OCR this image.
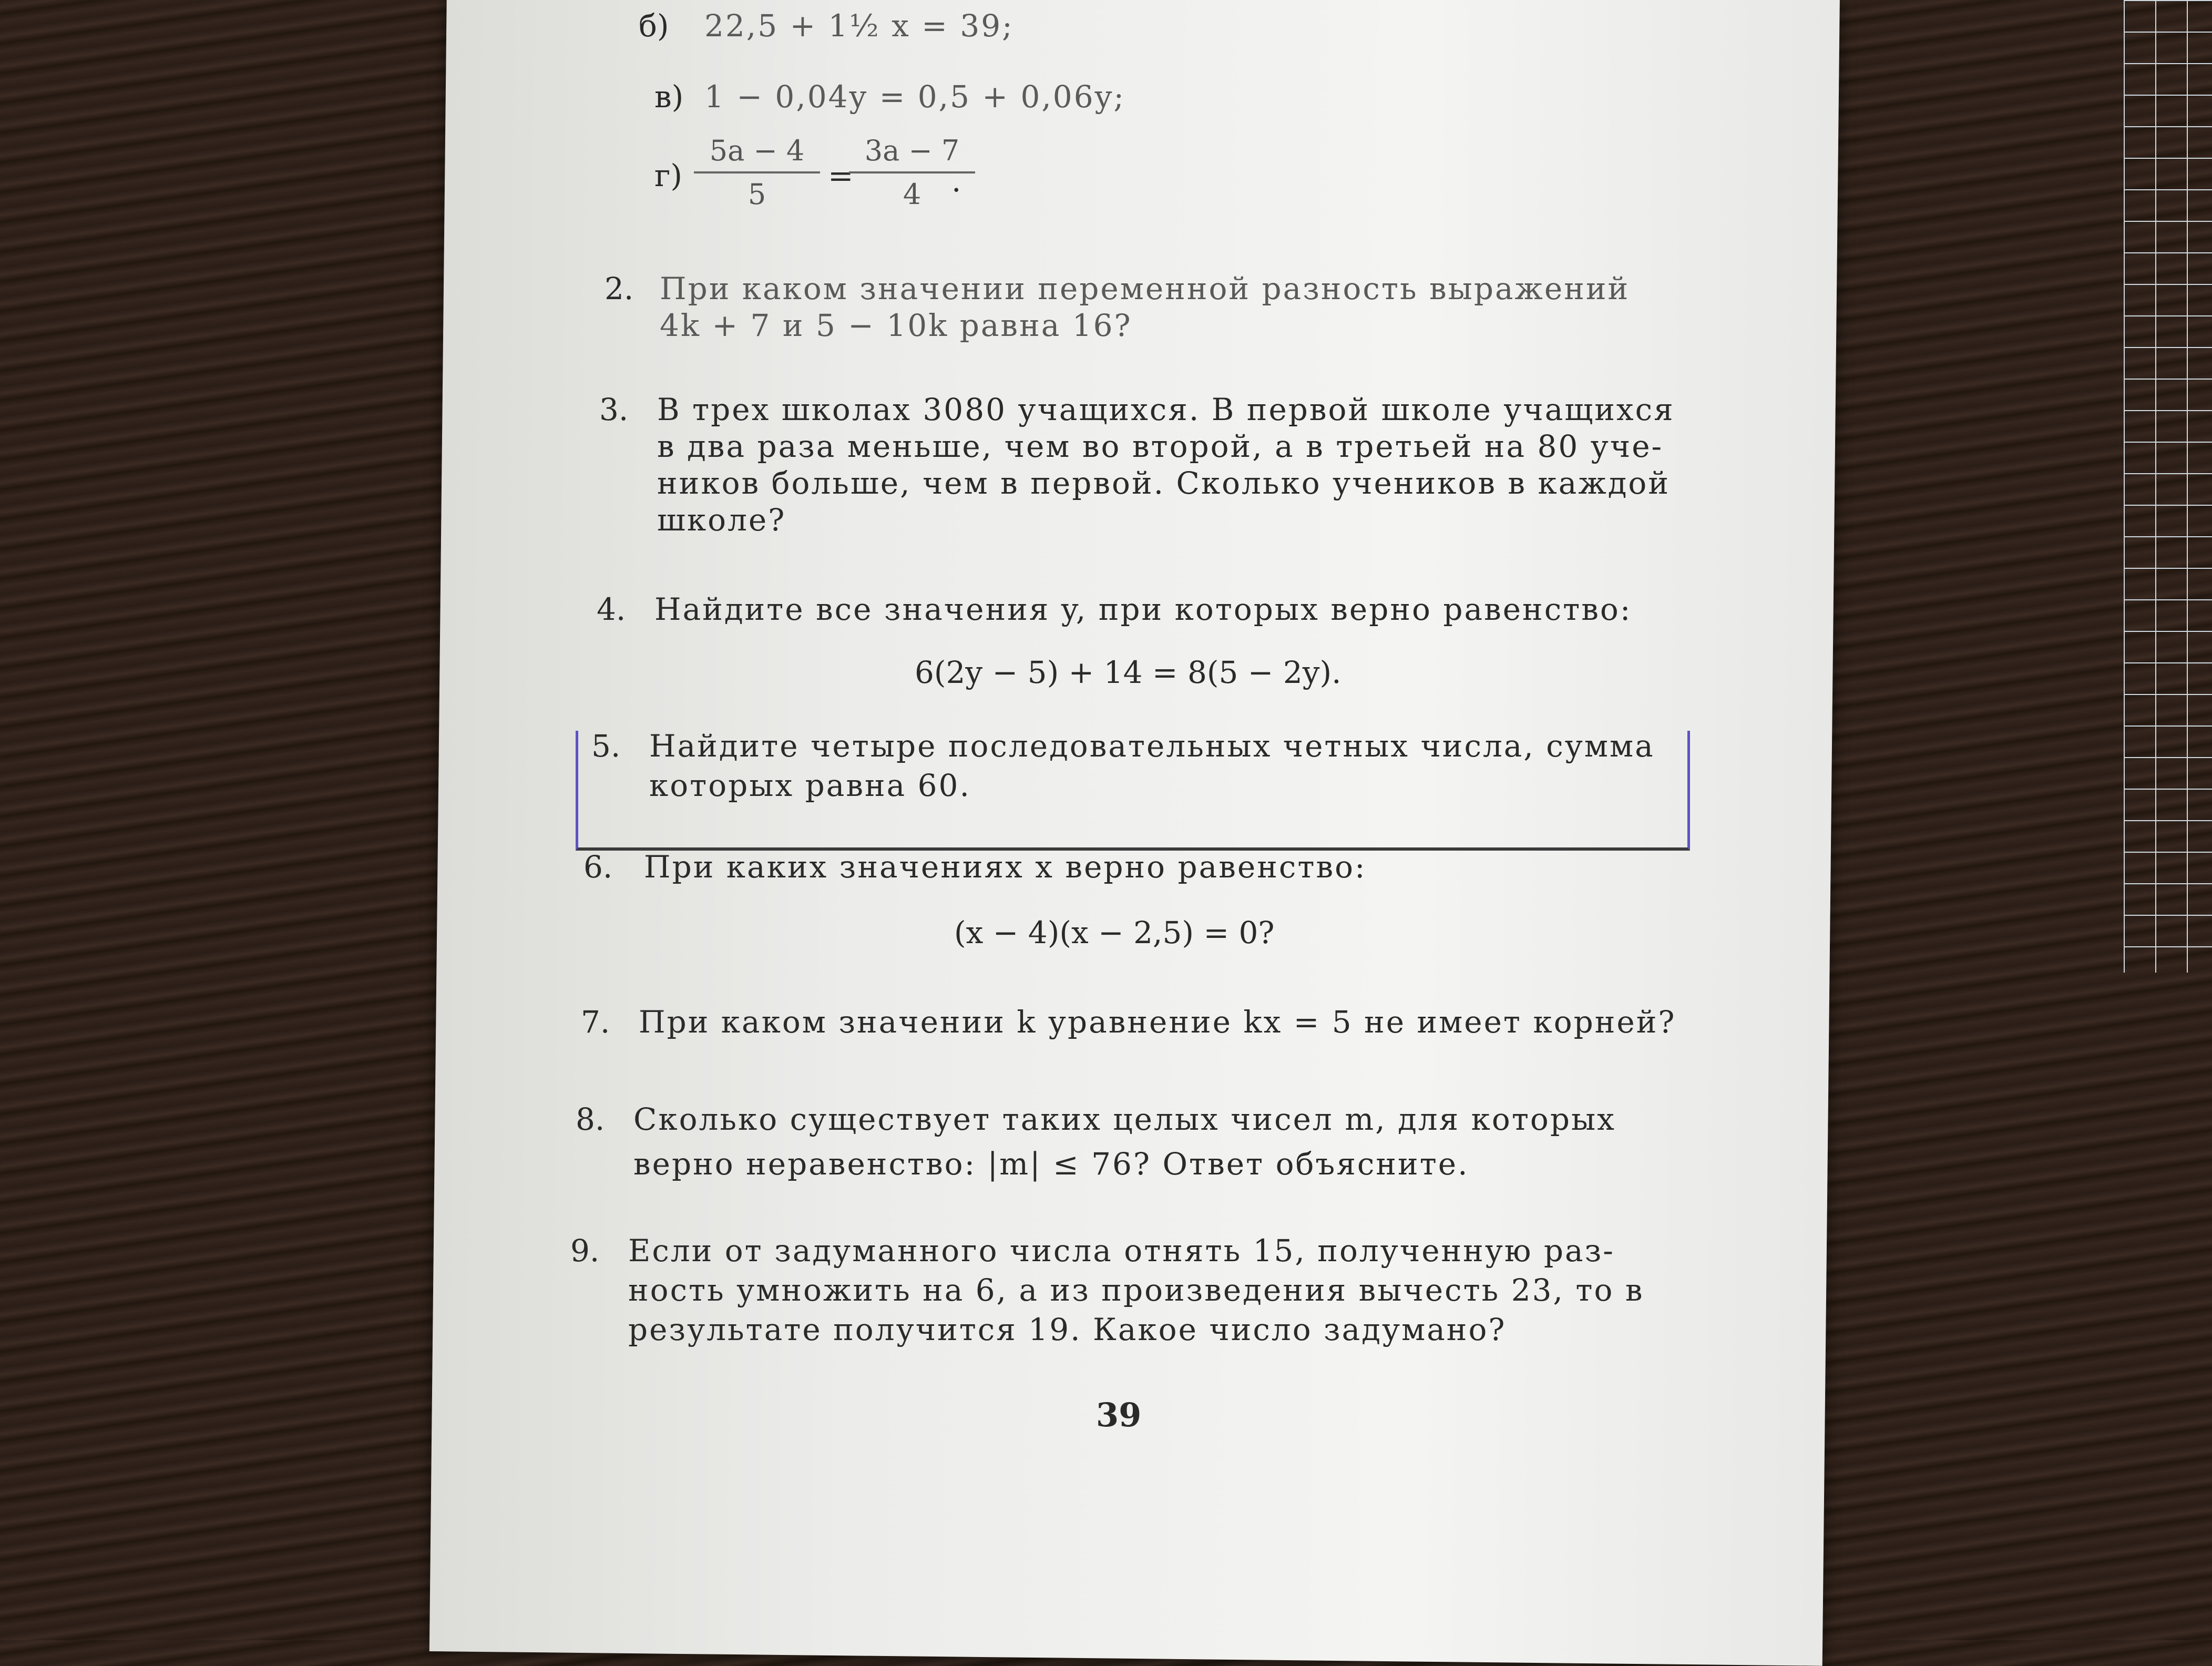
б) 22,5 + 1½ x = 39;
в) 1 − 0,04y = 0,5 + 0,06y;
г)
5a − 4
5
=
3a − 7
4 .
2. При каком значении переменной разность выражений
4k + 7 и 5 − 10k равна 16?
3. В трех школах 3080 учащихся. В первой школе учащихся
в два раза меньше, чем во второй, а в третьей на 80 уче-
ников больше, чем в первой. Сколько учеников в каждой
школе?
4. Найдите все значения y, при которых верно равенство:
6(2y − 5) + 14 = 8(5 − 2y).
5. Найдите четыре последовательных четных числа, сумма
которых равна 60.
6. При каких значениях x верно равенство:
(x − 4)(x − 2,5) = 0?
7. При каком значении k уравнение kx = 5 не имеет корней?
8. Сколько существует таких целых чисел m, для которых
верно неравенство: |m| ≤ 76? Ответ объясните.
9. Если от задуманного числа отнять 15, полученную раз-
ность умножить на 6, а из произведения вычесть 23, то в
результате получится 19. Какое число задумано?
39
